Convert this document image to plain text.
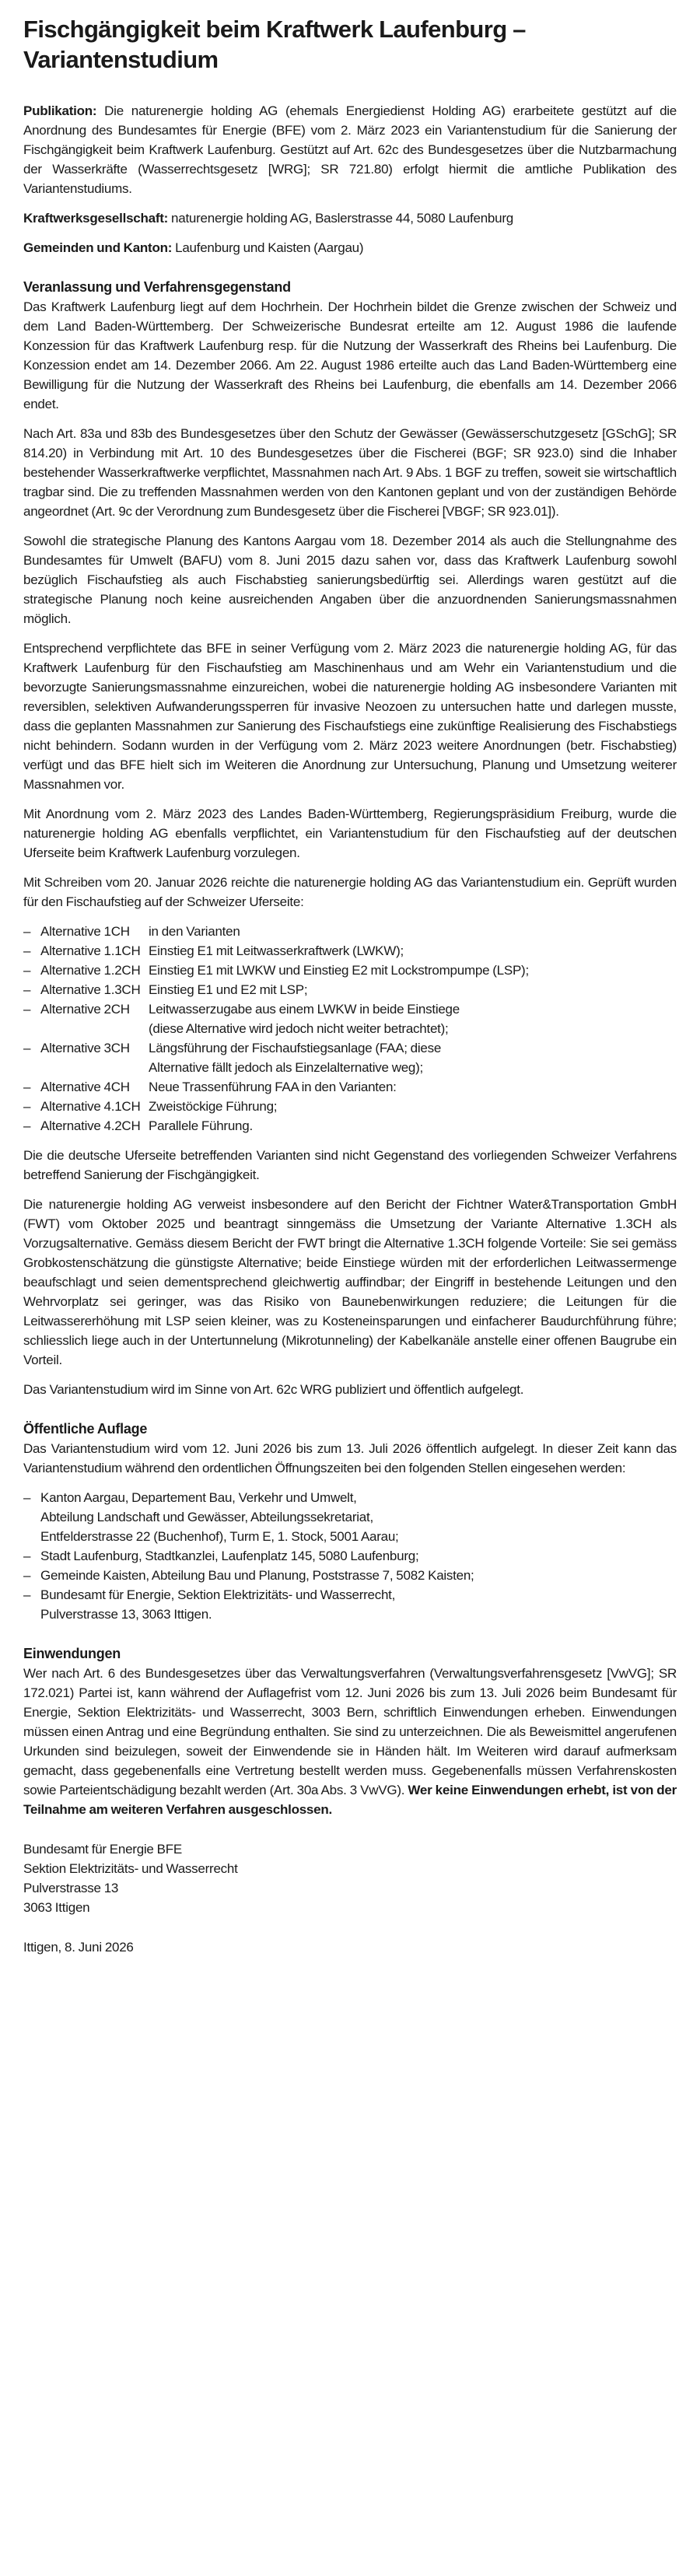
Fischgängigkeit beim Kraftwerk Laufenburg – Variantenstudium

Publikation: Die naturenergie holding AG (ehemals Energiedienst Holding AG) erarbeitete gestützt auf die Anordnung des Bundesamtes für Energie (BFE) vom 2. März 2023 ein Variantenstudium für die Sanierung der Fischgängigkeit beim Kraftwerk Laufenburg. Gestützt auf Art. 62c des Bundesgesetzes über die Nutzbarmachung der Wasserkräfte (Wasserrechtsgesetz [WRG]; SR 721.80) erfolgt hiermit die amtliche Publikation des Variantenstudiums.

Kraftwerksgesellschaft: naturenergie holding AG, Baslerstrasse 44, 5080 Laufenburg

Gemeinden und Kanton: Laufenburg und Kaisten (Aargau)

Veranlassung und Verfahrensgegenstand

Das Kraftwerk Laufenburg liegt auf dem Hochrhein. Der Hochrhein bildet die Grenze zwischen der Schweiz und dem Land Baden-Württemberg. Der Schweizerische Bundesrat erteilte am 12. August 1986 die laufende Konzession für das Kraftwerk Laufenburg resp. für die Nutzung der Wasserkraft des Rheins bei Laufenburg. Die Konzession endet am 14. Dezember 2066. Am 22. August 1986 erteilte auch das Land Baden-Württemberg eine Bewilligung für die Nutzung der Wasserkraft des Rheins bei Laufenburg, die ebenfalls am 14. Dezember 2066 endet.

Nach Art. 83a und 83b des Bundesgesetzes über den Schutz der Gewässer (Gewässerschutzgesetz [GSchG]; SR 814.20) in Verbindung mit Art. 10 des Bundesgesetzes über die Fischerei (BGF; SR 923.0) sind die Inhaber bestehender Wasserkraftwerke verpflichtet, Massnahmen nach Art. 9 Abs. 1 BGF zu treffen, soweit sie wirtschaftlich tragbar sind. Die zu treffenden Massnahmen werden von den Kantonen geplant und von der zuständigen Behörde angeordnet (Art. 9c der Verordnung zum Bundesgesetz über die Fischerei [VBGF; SR 923.01]).

Sowohl die strategische Planung des Kantons Aargau vom 18. Dezember 2014 als auch die Stellungnahme des Bundesamtes für Umwelt (BAFU) vom 8. Juni 2015 dazu sahen vor, dass das Kraftwerk Laufenburg sowohl bezüglich Fischaufstieg als auch Fischabstieg sanierungsbedürftig sei. Allerdings waren gestützt auf die strategische Planung noch keine ausreichenden Angaben über die anzuordnenden Sanierungsmassnahmen möglich.

Entsprechend verpflichtete das BFE in seiner Verfügung vom 2. März 2023 die naturenergie holding AG, für das Kraftwerk Laufenburg für den Fischaufstieg am Maschinenhaus und am Wehr ein Variantenstudium und die bevorzugte Sanierungsmassnahme einzureichen, wobei die naturenergie holding AG insbesondere Varianten mit reversiblen, selektiven Aufwanderungssperren für invasive Neozoen zu untersuchen hatte und darlegen musste, dass die geplanten Massnahmen zur Sanierung des Fischaufstiegs eine zukünftige Realisierung des Fischabstiegs nicht behindern. Sodann wurden in der Verfügung vom 2. März 2023 weitere Anordnungen (betr. Fischabstieg) verfügt und das BFE hielt sich im Weiteren die Anordnung zur Untersuchung, Planung und Umsetzung weiterer Massnahmen vor.

Mit Anordnung vom 2. März 2023 des Landes Baden-Württemberg, Regierungspräsidium Freiburg, wurde die naturenergie holding AG ebenfalls verpflichtet, ein Variantenstudium für den Fischaufstieg auf der deutschen Uferseite beim Kraftwerk Laufenburg vorzulegen.

Mit Schreiben vom 20. Januar 2026 reichte die naturenergie holding AG das Variantenstudium ein. Geprüft wurden für den Fischaufstieg auf der Schweizer Uferseite:

– Alternative 1CH	in den Varianten
– Alternative 1.1CH Einstieg E1 mit Leitwasserkraftwerk (LWKW);
– Alternative 1.2CH Einstieg E1 mit LWKW und Einstieg E2 mit Lockstrompumpe (LSP);
– Alternative 1.3CH Einstieg E1 und E2 mit LSP;
– Alternative 2CH	Leitwasserzugabe aus einem LWKW in beide Einstiege (diese Alternative wird jedoch nicht weiter betrachtet);
– Alternative 3CH	Längsführung der Fischaufstiegsanlage (FAA; diese Alternative fällt jedoch als Einzelalternative weg);
– Alternative 4CH	Neue Trassenführung FAA in den Varianten:
– Alternative 4.1CH Zweistöckige Führung;
– Alternative 4.2CH Parallele Führung.

Die die deutsche Uferseite betreffenden Varianten sind nicht Gegenstand des vorliegenden Schweizer Verfahrens betreffend Sanierung der Fischgängigkeit.

Die naturenergie holding AG verweist insbesondere auf den Bericht der Fichtner Water&Transportation GmbH (FWT) vom Oktober 2025 und beantragt sinngemäss die Umsetzung der Variante Alternative 1.3CH als Vorzugsalternative. Gemäss diesem Bericht der FWT bringt die Alternative 1.3CH folgende Vorteile: Sie sei gemäss Grobkostenschätzung die günstigste Alternative; beide Einstiege würden mit der erforderlichen Leitwassermenge beaufschlagt und seien dementsprechend gleichwertig auffindbar; der Eingriff in bestehende Leitungen und den Wehrvorplatz sei geringer, was das Risiko von Baunebenwirkungen reduziere; die Leitungen für die Leitwassererhöhung mit LSP seien kleiner, was zu Kosteneinsparungen und einfacherer Baudurchführung führe; schliesslich liege auch in der Untertunnelung (Mikrotunneling) der Kabelkanäle anstelle einer offenen Baugrube ein Vorteil.

Das Variantenstudium wird im Sinne von Art. 62c WRG publiziert und öffentlich aufgelegt.

Öffentliche Auflage

Das Variantenstudium wird vom 12. Juni 2026 bis zum 13. Juli 2026 öffentlich aufgelegt. In dieser Zeit kann das Variantenstudium während den ordentlichen Öffnungszeiten bei den folgenden Stellen eingesehen werden:

– Kanton Aargau, Departement Bau, Verkehr und Umwelt,
Abteilung Landschaft und Gewässer, Abteilungssekretariat,
Entfelderstrasse 22 (Buchenhof), Turm E, 1. Stock, 5001 Aarau;
– Stadt Laufenburg, Stadtkanzlei, Laufenplatz 145, 5080 Laufenburg;
– Gemeinde Kaisten, Abteilung Bau und Planung, Poststrasse 7, 5082 Kaisten;
– Bundesamt für Energie, Sektion Elektrizitäts- und Wasserrecht,
Pulverstrasse 13, 3063 Ittigen.
Einwendungen

Wer nach Art. 6 des Bundesgesetzes über das Verwaltungsverfahren (Verwaltungsverfahrensgesetz [VwVG]; SR 172.021) Partei ist, kann während der Auflagefrist vom 12. Juni 2026 bis zum 13. Juli 2026 beim Bundesamt für Energie, Sektion Elektrizitäts- und Wasserrecht, 3003 Bern, schriftlich Einwendungen erheben. Einwendungen müssen einen Antrag und eine Begründung enthalten. Sie sind zu unterzeichnen. Die als Beweismittel angerufenen Urkunden sind beizulegen, soweit der Einwendende sie in Händen hält. Im Weiteren wird darauf aufmerksam gemacht, dass gegebenenfalls eine Vertretung bestellt werden muss. Gegebenenfalls müssen Verfahrenskosten sowie Parteientschädigung bezahlt werden (Art. 30a Abs. 3 VwVG). Wer keine Einwendungen erhebt, ist von der Teilnahme am weiteren Verfahren ausgeschlossen.

Bundesamt für Energie BFE
Sektion Elektrizitäts- und Wasserrecht
Pulverstrasse 13
3063 Ittigen
Ittigen, 8. Juni 2026
